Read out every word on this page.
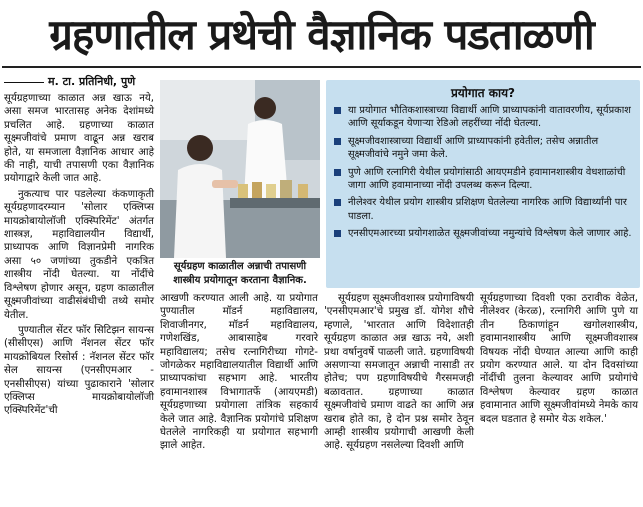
ग्रहणातील प्रथेची वैज्ञानिक पडताळणी
म. टा. प्रतिनिधी, पुणे

सूर्यग्रहणाच्या काळात अन्न खाऊ नये, असा समज भारतासह अनेक देशांमध्ये प्रचलित आहे. ग्रहणाच्या काळात सूक्ष्मजीवांचे प्रमाण वाढून अन्न खराब होते, या समजाला वैज्ञानिक आधार आहे की नाही, याची तपासणी एका वैज्ञानिक प्रयोगाद्वारे केली जात आहे.

नुकत्याच पार पडलेल्या कंकणाकृती सूर्यग्रहणादरम्यान 'सोलार एक्लिप्स मायक्रोबायोलॉजी एक्स्पिरिमेंट' अंतर्गत शास्त्रज्ञ, महाविद्यालयीन विद्यार्थी, प्राध्यापक आणि विज्ञानप्रेमी नागरिक असा ५० जणांच्या तुकडीने एकत्रित शास्त्रीय नोंदी घेतल्या. या नोंदींचे विश्लेषण होणार असून, ग्रहण काळातील सूक्ष्मजीवांच्या वाढीसंबंधीची तथ्ये समोर येतील.

पुण्यातील सेंटर फॉर सिटिझन सायन्स (सीसीएस) आणि नॅशनल सेंटर फॉर मायक्रोबियल रिसोर्स : नॅशनल सेंटर फॉर सेल सायन्स (एनसीएमआर - एनसीसीएस) यांच्या पुढाकाराने 'सोलार एक्लिप्स मायक्रोबायोलॉजी एक्स्पिरिमेंट'ची

सूर्यग्रहण काळातील अन्नाची तपासणी शास्त्रीय प्रयोगातून करताना वैज्ञानिक.
प्रयोगात काय?
या प्रयोगात भौतिकशास्त्राच्या विद्यार्थी आणि प्राध्यापकांनी वातावरणीय, सूर्यप्रकाश आणि सूर्याकडून येणाऱ्या रेडिओ लहरींच्या नोंदी घेतल्या.
सूक्ष्मजीवशास्त्राच्या विद्यार्थी आणि प्राध्यापकांनी हवेतील; तसेच अन्नातील सूक्ष्मजीवांचे नमुने जमा केले.
पुणे आणि रत्नागिरी येथील प्रयोगांसाठी आयएमडीने हवामानशास्त्रीय वेधशाळांची जागा आणि हवामानाच्या नोंदी उपलब्ध करून दिल्या.
नीलेश्वर येथील प्रयोग शास्त्रीय प्रशिक्षण घेतलेल्या नागरिक आणि विद्यार्थ्यांनी पार पाडला.
एनसीएमआरच्या प्रयोगशाळेत सूक्ष्मजीवांच्या नमुन्यांचे विश्लेषण केले जाणार आहे.

आखणी करण्यात आली आहे. या प्रयोगात पुण्यातील मॉडर्न महाविद्यालय, शिवाजीनगर, मॉडर्न महाविद्यालय, गणेशखिंड, आबासाहेब गरवारे महाविद्यालय; तसेच रत्नागिरीच्या गोगटे-जोगळेकर महाविद्यालयातील विद्यार्थी आणि प्राध्यापकांचा सहभाग आहे. भारतीय हवामानशास्त्र विभागातर्फे (आयएमडी) सूर्यग्रहणाच्या प्रयोगाला तांत्रिक सहकार्य केले जात आहे. वैज्ञानिक प्रयोगांचे प्रशिक्षण घेतलेले नागरिकही या प्रयोगात सहभागी झाले आहेत.

सूर्यग्रहण सूक्ष्मजीवशास्त्र प्रयोगाविषयी 'एनसीएमआर'चे प्रमुख डॉ. योगेश शौचे म्हणाले, 'भारतात आणि विदेशातही सूर्यग्रहण काळात अन्न खाऊ नये, अशी प्रथा वर्षानुवर्षे पाळली जाते. ग्रहणाविषयी असणाऱ्या समजातून अन्नाची नासाडी तर होतेच; पण ग्रहणाविषयीचे गैरसमजही बळावतात. ग्रहणाच्या काळात सूक्ष्मजीवांचे प्रमाण वाढते का आणि अन्न खराब होते का, हे दोन प्रश्न समोर ठेवून आम्ही शास्त्रीय प्रयोगाची आखणी केली आहे. सूर्यग्रहण नसलेल्या दिवशी आणि

सूर्यग्रहणाच्या दिवशी एका ठरावीक वेळेत, नीलेश्वर (केरळ), रत्नागिरी आणि पुणे या तीन ठिकाणांहून खगोलशास्त्रीय, हवामानशास्त्रीय आणि सूक्ष्मजीवशास्त्र विषयक नोंदी घेण्यात आल्या आणि काही प्रयोग करण्यात आले. या दोन दिवसांच्या नोंदींची तुलना केल्यावर आणि प्रयोगांचे विश्लेषण केल्यावर ग्रहण काळात हवामानात आणि सूक्ष्मजीवांमध्ये नेमके काय बदल घडतात हे समोर येऊ शकेल.'
